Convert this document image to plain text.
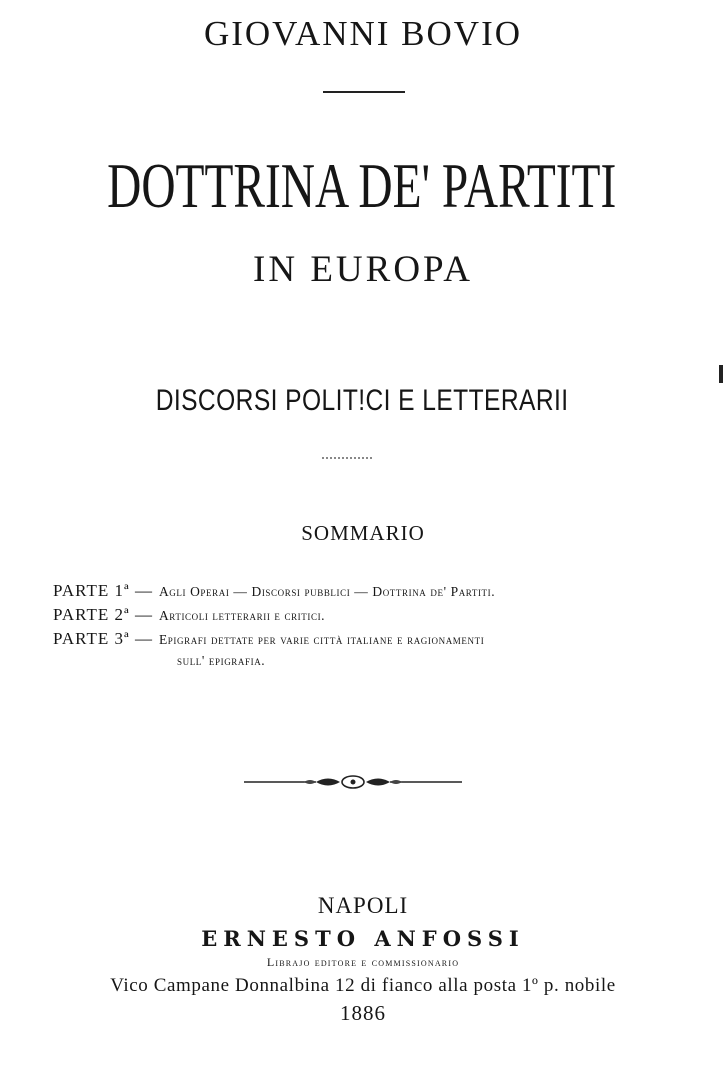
GIOVANNI BOVIO
DOTTRINA DE' PARTITI
IN EUROPA
DISCORSI POLIT!CI E LETTERARII
SOMMARIO
PARTE 1ª — Agli Operai — Discorsi pubblici — Dottrina de' Partiti.
PARTE 2ª — Articoli letterarii e critici.
PARTE 3ª — Epigrafi dettate per varie città italiane e ragionamenti
sull' epigrafia.
NAPOLI
ERNESTO ANFOSSI
Librajo editore e commissionario
Vico Campane Donnalbina 12 di fianco alla posta 1º p. nobile
1886
